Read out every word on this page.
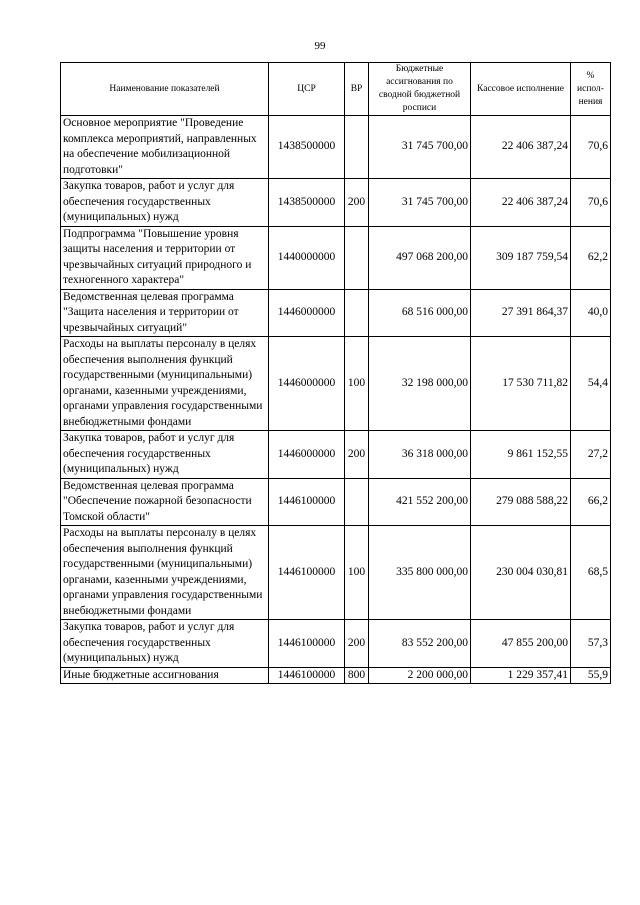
99
Наименование показателей	ЦСР	ВР	Бюджетные ассигнования по сводной бюджетной росписи	Кассовое исполнение	% испол-нения
Основное мероприятие "Проведение комплекса мероприятий, направленных на обеспечение мобилизационной подготовки"	1438500000		31 745 700,00	22 406 387,24	70,6
Закупка товаров, работ и услуг для обеспечения государственных (муниципальных) нужд	1438500000	200	31 745 700,00	22 406 387,24	70,6
Подпрограмма "Повышение уровня защиты населения и территории от чрезвычайных ситуаций природного и техногенного характера"	1440000000		497 068 200,00	309 187 759,54	62,2
Ведомственная целевая программа "Защита населения и территории от чрезвычайных ситуаций"	1446000000		68 516 000,00	27 391 864,37	40,0
Расходы на выплаты персоналу в целях обеспечения выполнения функций государственными (муниципальными) органами, казенными учреждениями, органами управления государственными внебюджетными фондами	1446000000	100	32 198 000,00	17 530 711,82	54,4
Закупка товаров, работ и услуг для обеспечения государственных (муниципальных) нужд	1446000000	200	36 318 000,00	9 861 152,55	27,2
Ведомственная целевая программа "Обеспечение пожарной безопасности Томской области"	1446100000		421 552 200,00	279 088 588,22	66,2
Расходы на выплаты персоналу в целях обеспечения выполнения функций государственными (муниципальными) органами, казенными учреждениями, органами управления государственными внебюджетными фондами	1446100000	100	335 800 000,00	230 004 030,81	68,5
Закупка товаров, работ и услуг для обеспечения государственных (муниципальных) нужд	1446100000	200	83 552 200,00	47 855 200,00	57,3
Иные бюджетные ассигнования	1446100000	800	2 200 000,00	1 229 357,41	55,9
